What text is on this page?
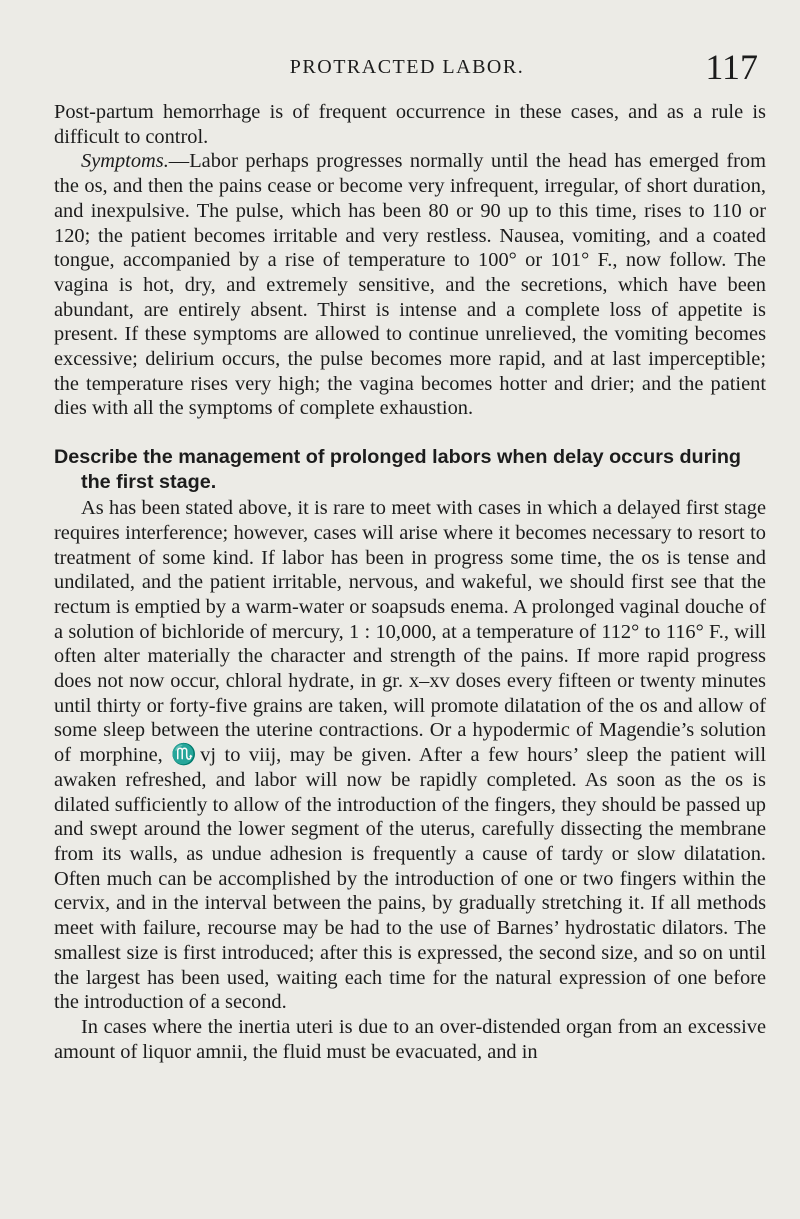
PROTRACTED LABOR.	117

Post-partum hemorrhage is of frequent occurrence in these cases, and as a rule is difficult to control.

Symptoms.—Labor perhaps progresses normally until the head has emerged from the os, and then the pains cease or become very infrequent, irregular, of short duration, and inexpulsive. The pulse, which has been 80 or 90 up to this time, rises to 110 or 120; the patient becomes irritable and very restless. Nausea, vomiting, and a coated tongue, accompanied by a rise of temperature to 100° or 101° F., now follow. The vagina is hot, dry, and extremely sensitive, and the secretions, which have been abundant, are entirely absent. Thirst is intense and a complete loss of appetite is present. If these symptoms are allowed to continue unrelieved, the vomiting becomes excessive; delirium occurs, the pulse becomes more rapid, and at last imperceptible; the temperature rises very high; the vagina becomes hotter and drier; and the patient dies with all the symptoms of complete exhaustion.

Describe the management of prolonged labors when delay occurs during the first stage.

As has been stated above, it is rare to meet with cases in which a delayed first stage requires interference; however, cases will arise where it becomes necessary to resort to treatment of some kind. If labor has been in progress some time, the os is tense and undilated, and the patient irritable, nervous, and wakeful, we should first see that the rectum is emptied by a warm-water or soapsuds enema. A prolonged vaginal douche of a solution of bichloride of mercury, 1 : 10,000, at a temperature of 112° to 116° F., will often alter materially the character and strength of the pains. If more rapid progress does not now occur, chloral hydrate, in gr. x–xv doses every fifteen or twenty minutes until thirty or forty-five grains are taken, will promote dilatation of the os and allow of some sleep between the uterine contractions. Or a hypodermic of Magendie’s solution of morphine, ♏vj to viij, may be given. After a few hours’ sleep the patient will awaken refreshed, and labor will now be rapidly completed. As soon as the os is dilated sufficiently to allow of the introduction of the fingers, they should be passed up and swept around the lower segment of the uterus, carefully dissecting the membrane from its walls, as undue adhesion is frequently a cause of tardy or slow dilatation. Often much can be accomplished by the introduction of one or two fingers within the cervix, and in the interval between the pains, by gradually stretching it. If all methods meet with failure, recourse may be had to the use of Barnes’ hydrostatic dilators. The smallest size is first introduced; after this is expressed, the second size, and so on until the largest has been used, waiting each time for the natural expression of one before the introduction of a second.

In cases where the inertia uteri is due to an over-distended organ from an excessive amount of liquor amnii, the fluid must be evacuated, and in
